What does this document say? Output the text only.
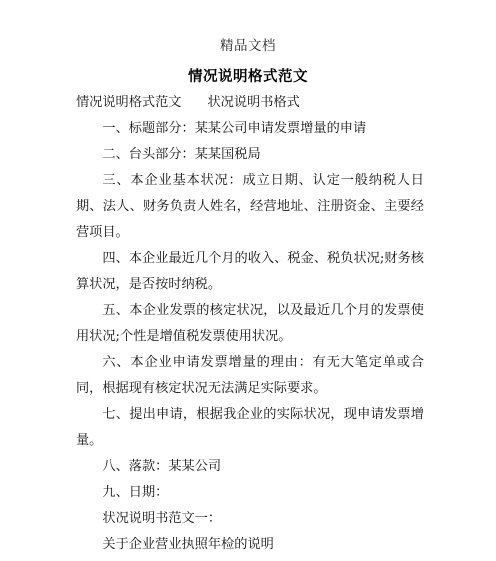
精品文档
情况说明格式范文

情况说明格式范文 状况说明书格式

一、标题部分：某某公司申请发票增量的申请

二、台头部分：某某国税局

三、本企业基本状况：成立日期、认定一般纳税人日期、法人、财务负责人姓名，经营地址、注册资金、主要经营项目。

四、本企业最近几个月的收入、税金、税负状况;财务核算状况，是否按时纳税。

五、本企业发票的核定状况，以及最近几个月的发票使用状况;个性是增值税发票使用状况。

六、本企业申请发票增量的理由：有无大笔定单或合同，根据现有核定状况无法满足实际要求。

七、提出申请，根据我企业的实际状况，现申请发票增量。

八、落款：某某公司

九、日期：

状况说明书范文一：

关于企业营业执照年检的说明
